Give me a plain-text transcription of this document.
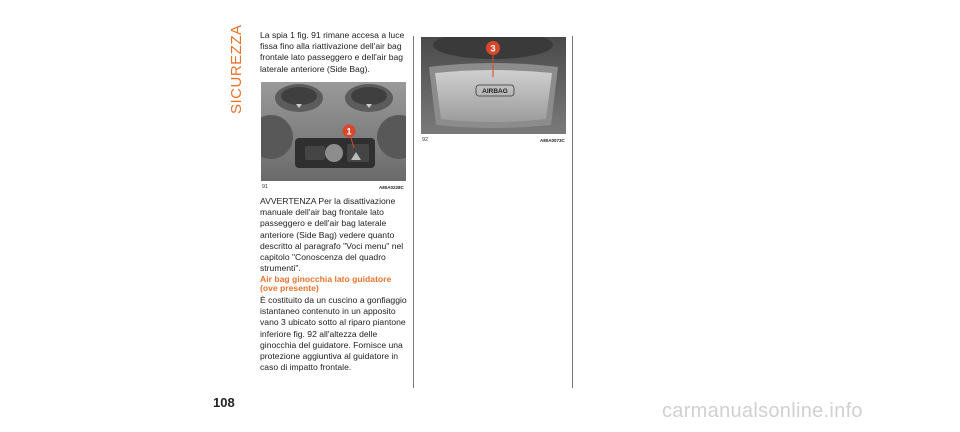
SICUREZZA La spia 1 fig. 91 rimane accesa a luce fissa fino alla riattivazione dell'air bag frontale lato passeggero e dell'air bag laterale anteriore (Side Bag).

1
91	A80A0228C

AVVERTENZA Per la disattivazione manuale dell'air bag frontale lato passeggero e dell'air bag laterale anteriore (Side Bag) vedere quanto descritto al paragrafo "Voci menu" nel capitolo "Conoscenza del quadro strumenti".

Air bag ginocchia lato guidatore (ove presente)

È costituito da un cuscino a gonfiaggio istantaneo contenuto in un apposito vano 3 ubicato sotto al riparo piantone inferiore fig. 92 all'altezza delle ginocchia del guidatore. Fornisce una protezione aggiuntiva al guidatore in caso di impatto frontale.

AIRBAG
3
92	A80A0073C
108	carmanualsonline.info
